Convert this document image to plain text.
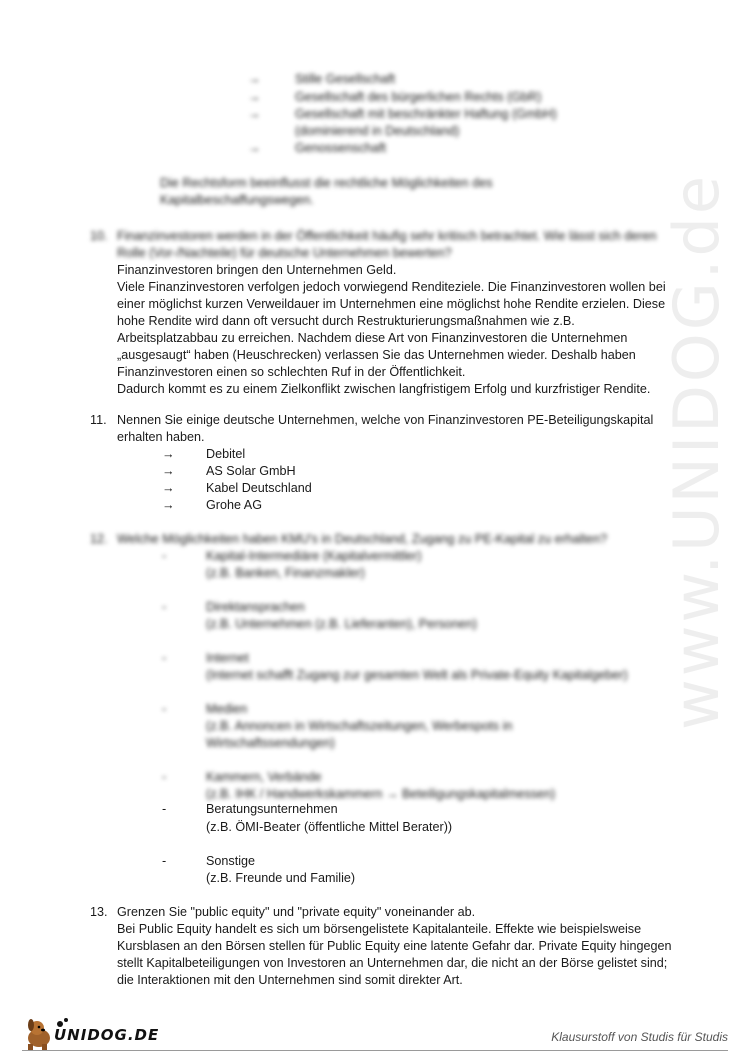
www.UNIDOG.de
→	Stille Gesellschaft
→	Gesellschaft des bürgerlichen Rechts (GbR)
→	Gesellschaft mit beschränkter Haftung (GmbH)
(dominierend in Deutschland)
→	Genossenschaft
Die Rechtsform beeinflusst die rechtliche Möglichkeiten des
Kapitalbeschaffungswegen.
10. Finanzinvestoren werden in der Öffentlichkeit häufig sehr kritisch betrachtet. Wie lässt sich deren
Rolle (Vor-/Nachteile) für deutsche Unternehmen bewerten?
Finanzinvestoren bringen den Unternehmen Geld.
Viele Finanzinvestoren verfolgen jedoch vorwiegend Renditeziele. Die Finanzinvestoren wollen bei
einer möglichst kurzen Verweildauer im Unternehmen eine möglichst hohe Rendite erzielen. Diese
hohe Rendite wird dann oft versucht durch Restrukturierungsmaßnahmen wie z.B.
Arbeitsplatzabbau zu erreichen. Nachdem diese Art von Finanzinvestoren die Unternehmen
„ausgesaugt“ haben (Heuschrecken) verlassen Sie das Unternehmen wieder. Deshalb haben
Finanzinvestoren einen so schlechten Ruf in der Öffentlichkeit.
Dadurch kommt es zu einem Zielkonflikt zwischen langfristigem Erfolg und kurzfristiger Rendite.
11. Nennen Sie einige deutsche Unternehmen, welche von Finanzinvestoren PE-Beteiligungskapital
erhalten haben.
→ Debitel
→ AS Solar GmbH
→ Kabel Deutschland
→ Grohe AG
12. Welche Möglichkeiten haben KMU's in Deutschland, Zugang zu PE-Kapital zu erhalten?
-	Kapital-Intermediäre (Kapitalvermittler)
(z.B. Banken, Finanzmakler)
-	Direktansprachen
(z.B. Unternehmen (z.B. Lieferanten), Personen)
-	Internet
(Internet schafft Zugang zur gesamten Welt als Private-Equity Kapitalgeber)
-	Medien
(z.B. Annoncen in Wirtschaftszeitungen, Werbespots in
Wirtschaftssendungen)
-	Kammern, Verbände
(z.B. IHK / Handwerkskammern → Beteiligungskapitalmessen)
-	Beratungsunternehmen
(z.B. ÖMI-Beater (öffentliche Mittel Berater))
-	Sonstige
(z.B. Freunde und Familie)
13. Grenzen Sie "public equity" und "private equity" voneinander ab.
Bei Public Equity handelt es sich um börsengelistete Kapitalanteile. Effekte wie beispielsweise
Kursblasen an den Börsen stellen für Public Equity eine latente Gefahr dar. Private Equity hingegen
stellt Kapitalbeteiligungen von Investoren an Unternehmen dar, die nicht an der Börse gelistet sind;
die Interaktionen mit den Unternehmen sind somit direkter Art.
UNIDOG.DE	Klausurstoff von Studis für Studis
